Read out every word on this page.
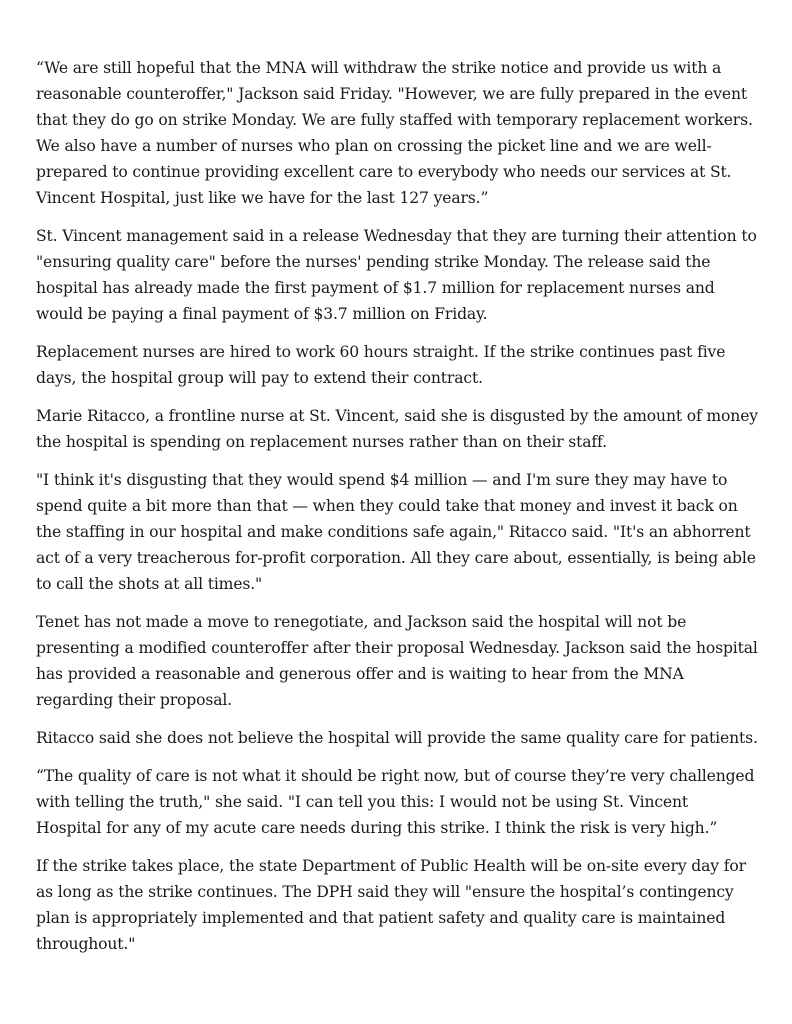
“We are still hopeful that the MNA will withdraw the strike notice and provide us with a reasonable counteroffer," Jackson said Friday. "However, we are fully prepared in the event that they do go on strike Monday. We are fully staffed with temporary replacement workers. We also have a number of nurses who plan on crossing the picket line and we are well-prepared to continue providing excellent care to everybody who needs our services at St. Vincent Hospital, just like we have for the last 127 years.”

St. Vincent management said in a release Wednesday that they are turning their attention to "ensuring quality care" before the nurses' pending strike Monday. The release said the hospital has already made the first payment of $1.7 million for replacement nurses and would be paying a final payment of $3.7 million on Friday.

Replacement nurses are hired to work 60 hours straight. If the strike continues past five days, the hospital group will pay to extend their contract.

Marie Ritacco, a frontline nurse at St. Vincent, said she is disgusted by the amount of money the hospital is spending on replacement nurses rather than on their staff.

"I think it's disgusting that they would spend $4 million — and I'm sure they may have to spend quite a bit more than that — when they could take that money and invest it back on the staffing in our hospital and make conditions safe again," Ritacco said. "It's an abhorrent act of a very treacherous for-profit corporation. All they care about, essentially, is being able to call the shots at all times."

Tenet has not made a move to renegotiate, and Jackson said the hospital will not be presenting a modified counteroffer after their proposal Wednesday. Jackson said the hospital has provided a reasonable and generous offer and is waiting to hear from the MNA regarding their proposal.

Ritacco said she does not believe the hospital will provide the same quality care for patients.

“The quality of care is not what it should be right now, but of course they’re very challenged with telling the truth," she said. "I can tell you this: I would not be using St. Vincent Hospital for any of my acute care needs during this strike. I think the risk is very high.”

If the strike takes place, the state Department of Public Health will be on-site every day for as long as the strike continues. The DPH said they will "ensure the hospital’s contingency plan is appropriately implemented and that patient safety and quality care is maintained throughout."
